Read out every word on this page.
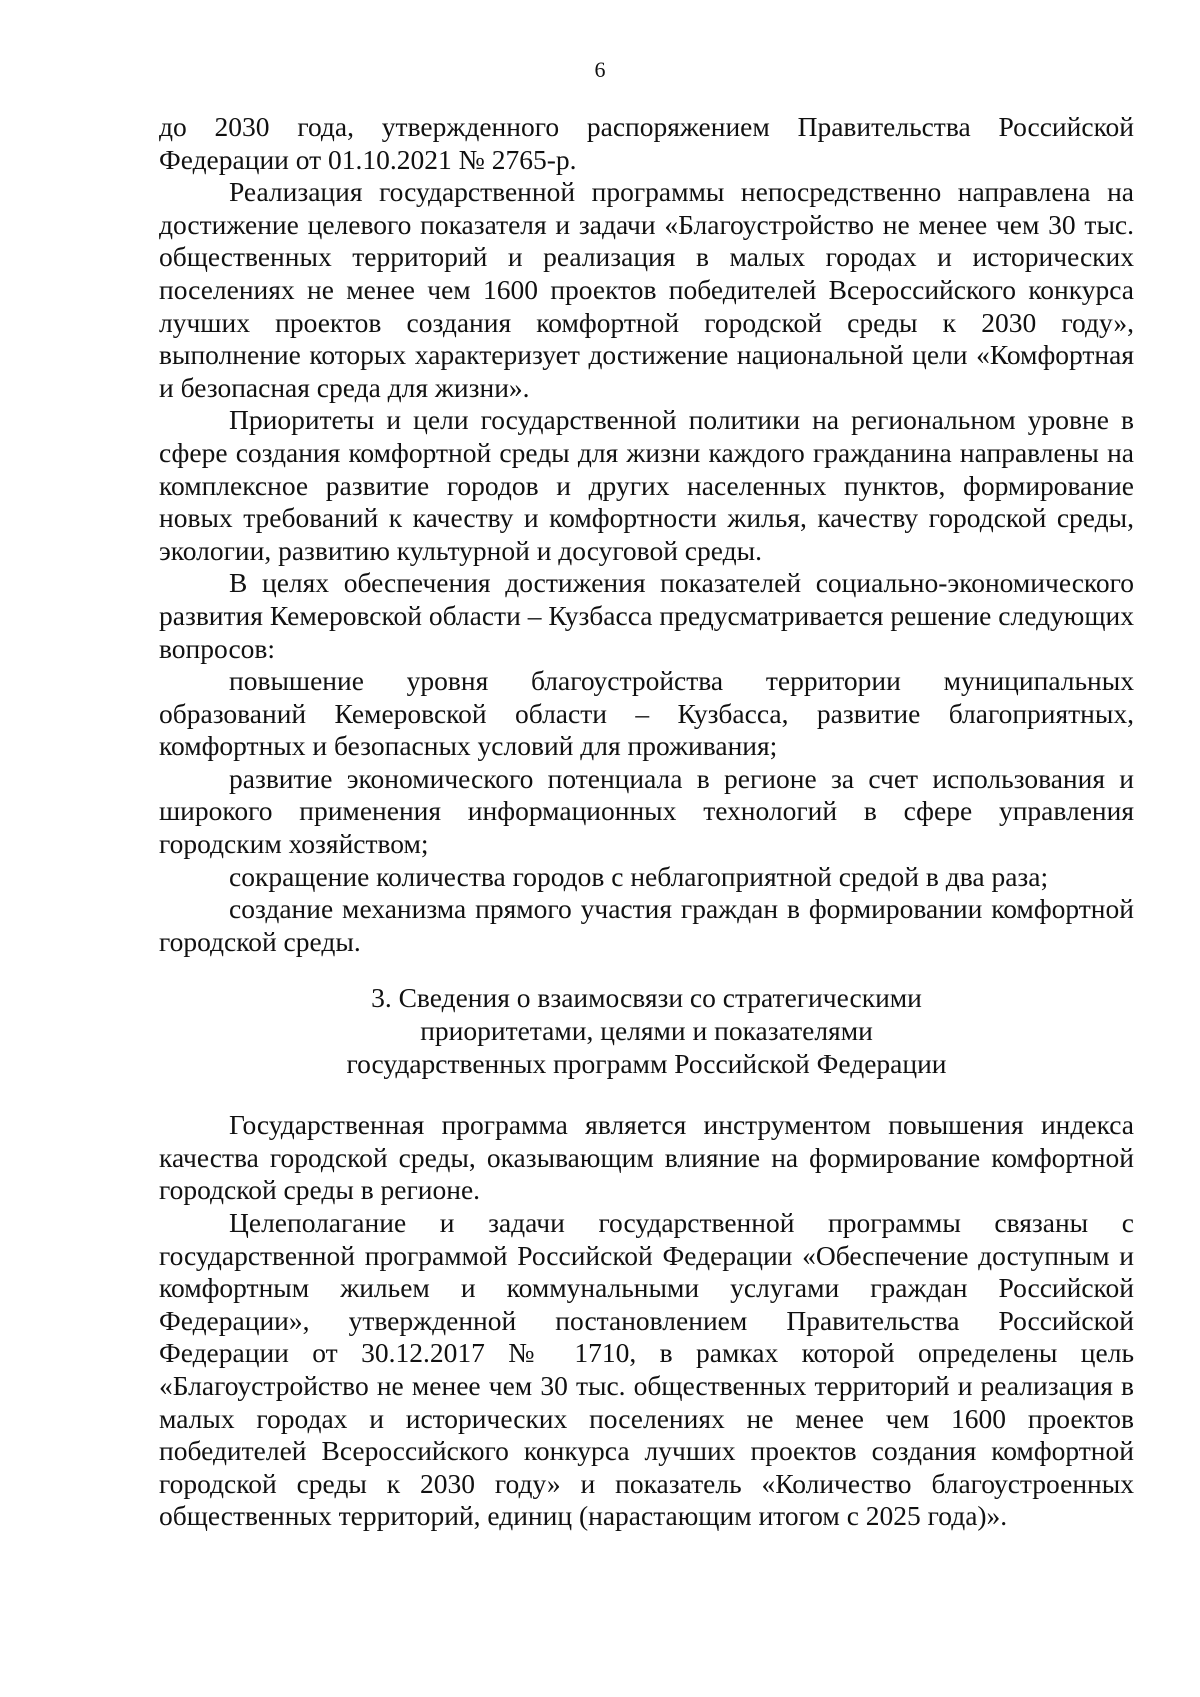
6

до 2030 года, утвержденного распоряжением Правительства Российской Федерации от 01.10.2021 № 2765-р.

Реализация государственной программы непосредственно направлена на достижение целевого показателя и задачи «Благоустройство не менее чем 30 тыс. общественных территорий и реализация в малых городах и исторических поселениях не менее чем 1600 проектов победителей Всероссийского конкурса лучших проектов создания комфортной городской среды к 2030 году», выполнение которых характеризует достижение национальной цели «Комфортная и безопасная среда для жизни».

Приоритеты и цели государственной политики на региональном уровне в сфере создания комфортной среды для жизни каждого гражданина направлены на комплексное развитие городов и других населенных пунктов, формирование новых требований к качеству и комфортности жилья, качеству городской среды, экологии, развитию культурной и досуговой среды.

В целях обеспечения достижения показателей социально-экономического развития Кемеровской области – Кузбасса предусматривается решение следующих вопросов:

повышение уровня благоустройства территории муниципальных образований Кемеровской области – Кузбасса, развитие благоприятных, комфортных и безопасных условий для проживания;

развитие экономического потенциала в регионе за счет использования и широкого применения информационных технологий в сфере управления городским хозяйством;

сокращение количества городов с неблагоприятной средой в два раза;

создание механизма прямого участия граждан в формировании комфортной городской среды.

3. Сведения о взаимосвязи со стратегическими
приоритетами, целями и показателями
государственных программ Российской Федерации

Государственная программа является инструментом повышения индекса качества городской среды, оказывающим влияние на формирование комфортной городской среды в регионе.

Целеполагание и задачи государственной программы связаны с государственной программой Российской Федерации «Обеспечение доступным и комфортным жильем и коммунальными услугами граждан Российской Федерации», утвержденной постановлением Правительства Российской Федерации от 30.12.2017 № 1710, в рамках которой определены цель «Благоустройство не менее чем 30 тыс. общественных территорий и реализация в малых городах и исторических поселениях не менее чем 1600 проектов победителей Всероссийского конкурса лучших проектов создания комфортной городской среды к 2030 году» и показатель «Количество благоустроенных общественных территорий, единиц (нарастающим итогом с 2025 года)».
